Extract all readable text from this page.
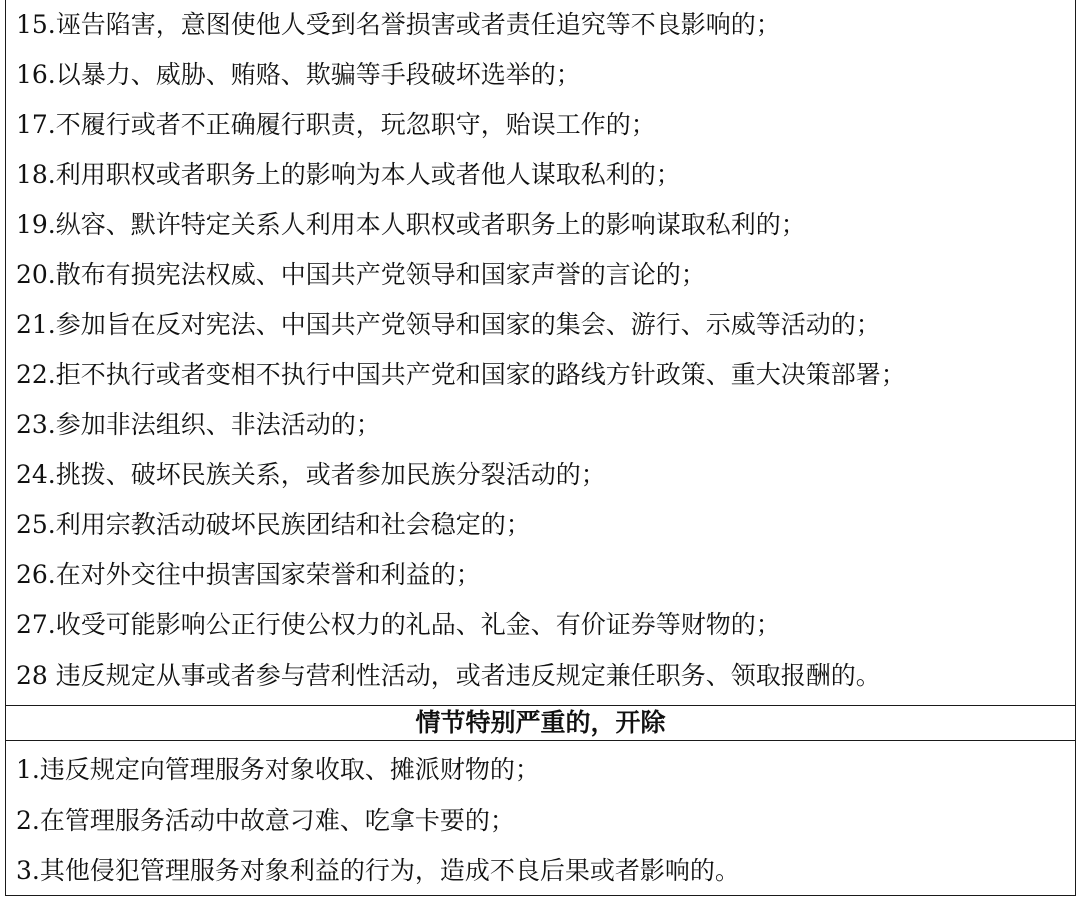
15.诬告陷害，意图使他人受到名誉损害或者责任追究等不良影响的；
16.以暴力、威胁、贿赂、欺骗等手段破坏选举的；
17.不履行或者不正确履行职责，玩忽职守，贻误工作的；
18.利用职权或者职务上的影响为本人或者他人谋取私利的；
19.纵容、默许特定关系人利用本人职权或者职务上的影响谋取私利的；
20.散布有损宪法权威、中国共产党领导和国家声誉的言论的；
21.参加旨在反对宪法、中国共产党领导和国家的集会、游行、示威等活动的；
22.拒不执行或者变相不执行中国共产党和国家的路线方针政策、重大决策部署；
23.参加非法组织、非法活动的；
24.挑拨、破坏民族关系，或者参加民族分裂活动的；
25.利用宗教活动破坏民族团结和社会稳定的；
26.在对外交往中损害国家荣誉和利益的；
27.收受可能影响公正行使公权力的礼品、礼金、有价证券等财物的；
28 违反规定从事或者参与营利性活动，或者违反规定兼任职务、领取报酬的。
情节特别严重的，开除
1.违反规定向管理服务对象收取、摊派财物的；
2.在管理服务活动中故意刁难、吃拿卡要的；
3.其他侵犯管理服务对象利益的行为，造成不良后果或者影响的。
